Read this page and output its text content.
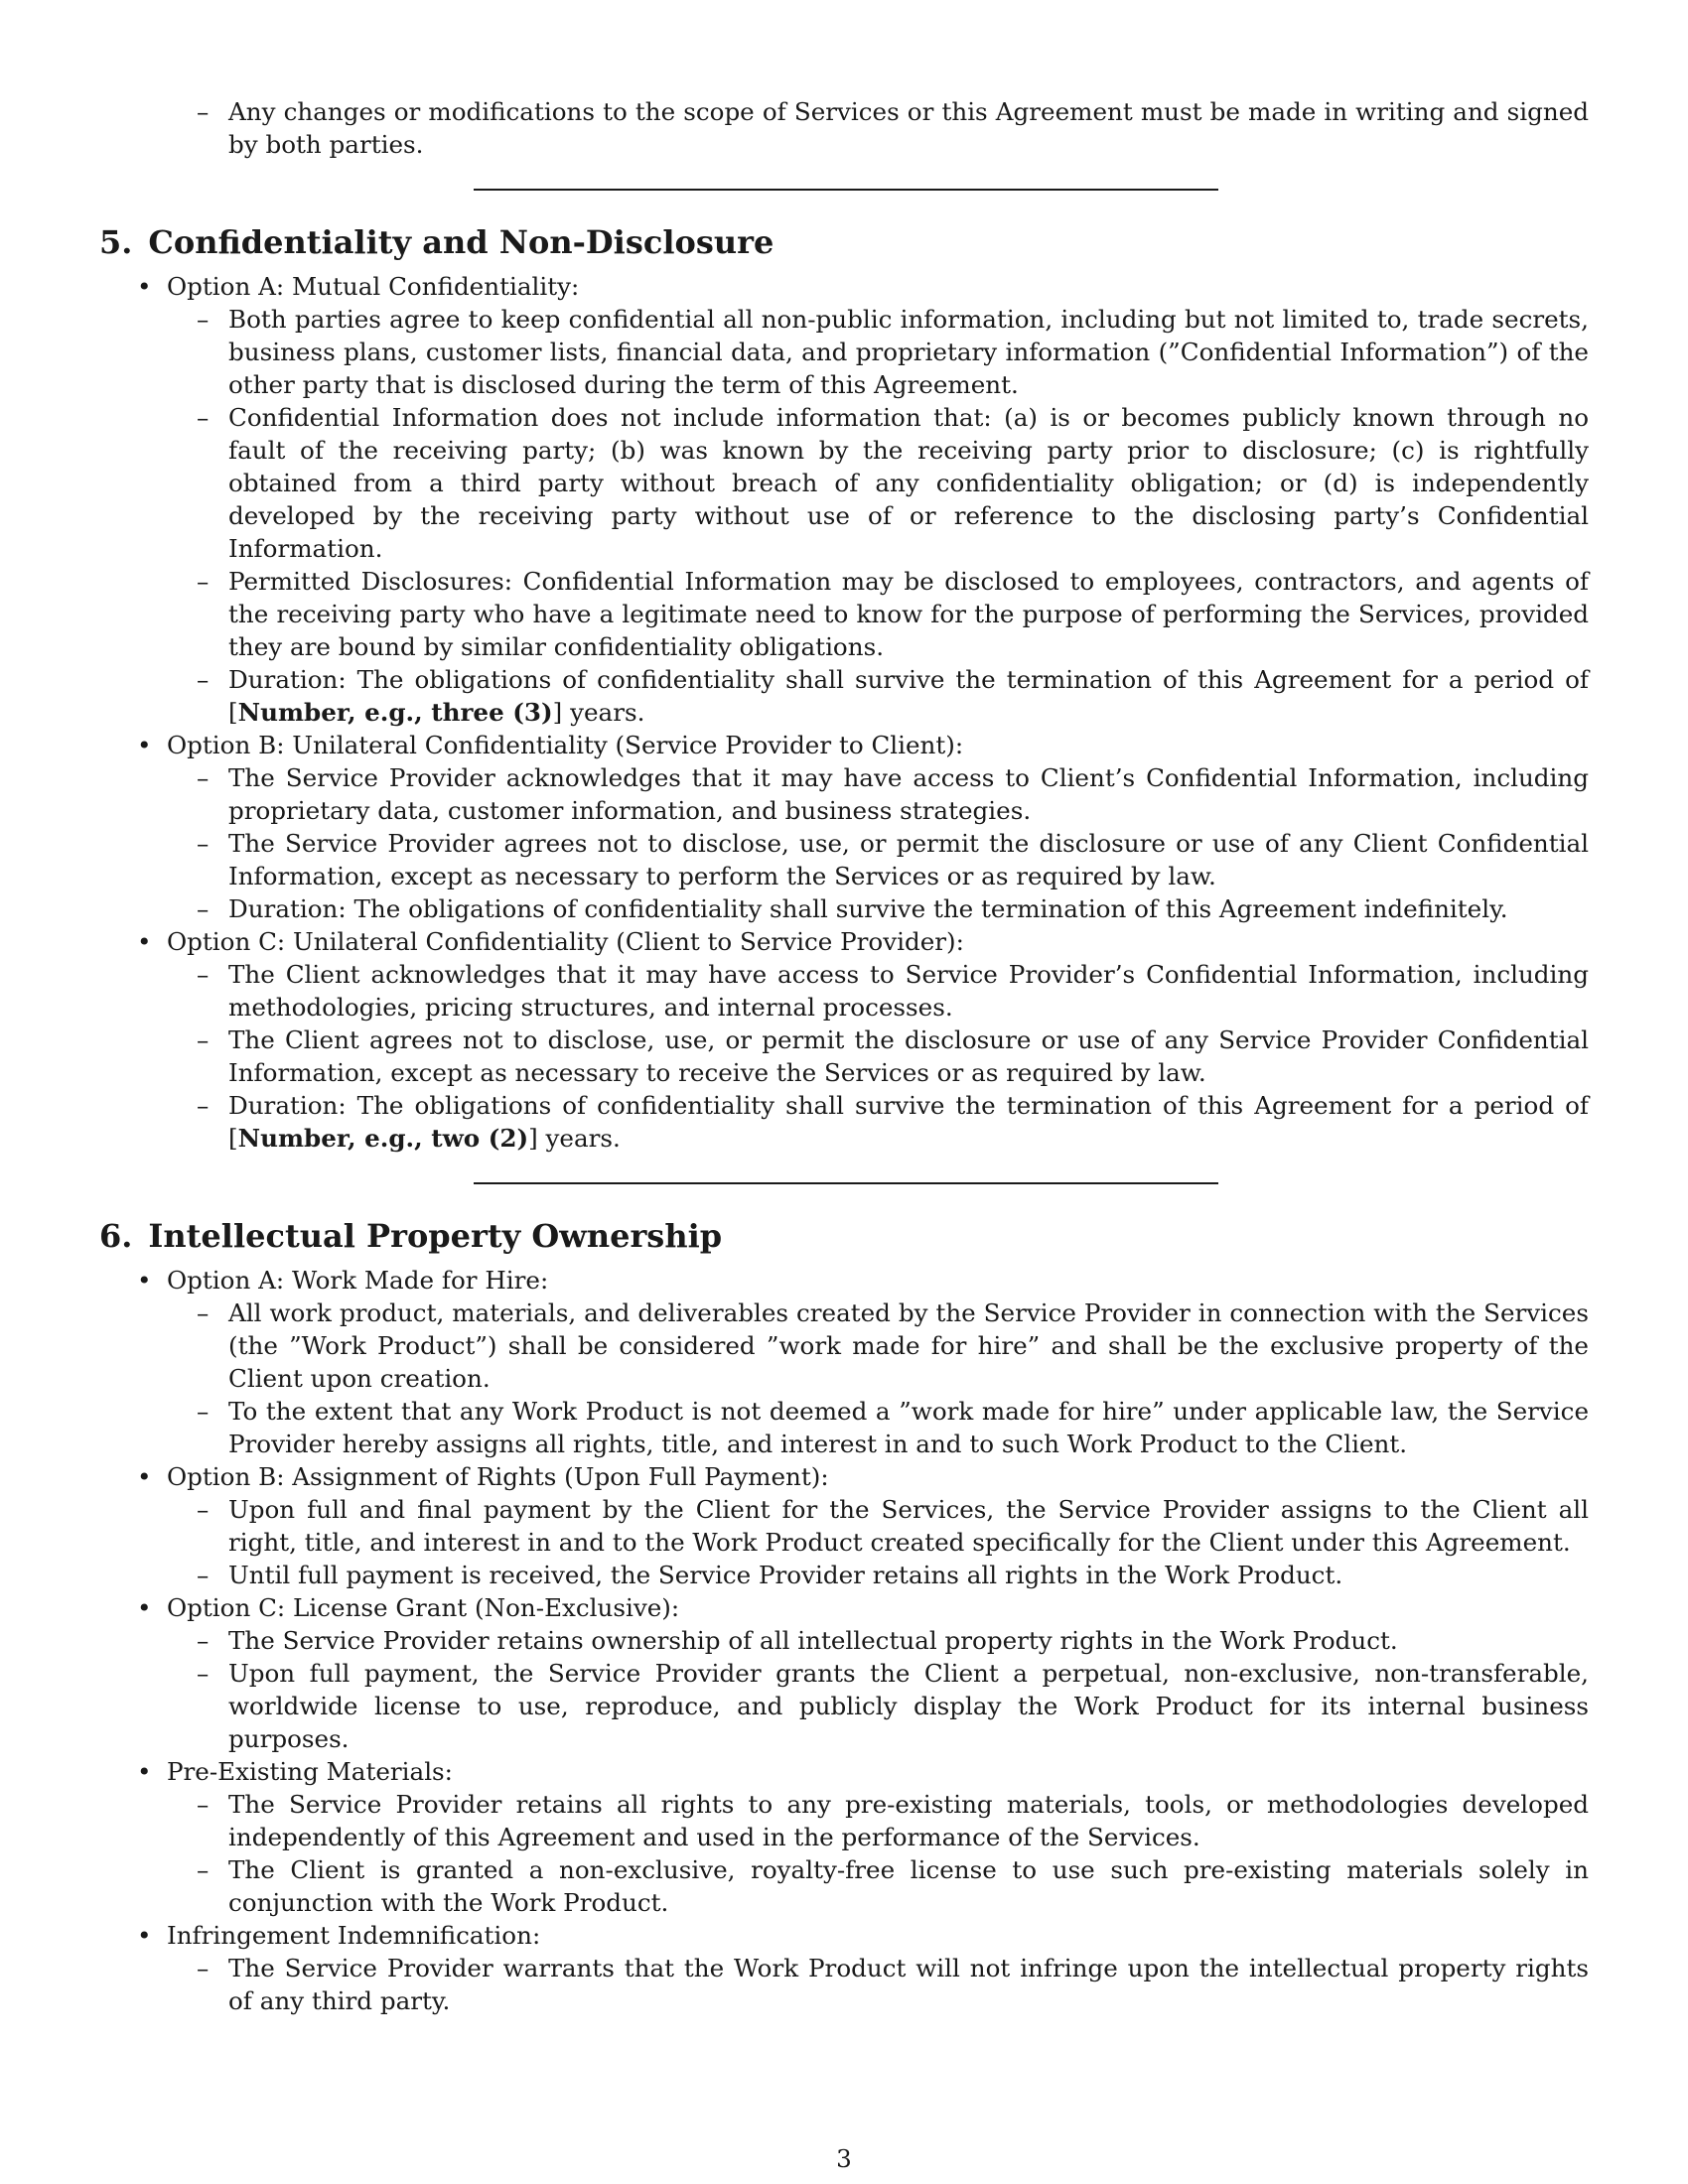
– Any changes or modifications to the scope of Services or this Agreement must be made in writing and signed by both parties.
5. Confidentiality and Non-Disclosure
• Option A: Mutual Confidentiality:
– Both parties agree to keep confidential all non-public information, including but not limited to, trade secrets, business plans, customer lists, financial data, and proprietary information (”Confidential Information”) of the other party that is disclosed during the term of this Agreement.
– Confidential Information does not include information that: (a) is or becomes publicly known through no fault of the receiving party; (b) was known by the receiving party prior to disclosure; (c) is rightfully obtained from a third party without breach of any confidentiality obligation; or (d) is independently developed by the receiving party without use of or reference to the disclosing party’s Confidential Information.
– Permitted Disclosures: Confidential Information may be disclosed to employees, contractors, and agents of the receiving party who have a legitimate need to know for the purpose of performing the Services, provided they are bound by similar confidentiality obligations.
– Duration: The obligations of confidentiality shall survive the termination of this Agreement for a period of [Number, e.g., three (3)] years.
• Option B: Unilateral Confidentiality (Service Provider to Client):
– The Service Provider acknowledges that it may have access to Client’s Confidential Information, including proprietary data, customer information, and business strategies.
– The Service Provider agrees not to disclose, use, or permit the disclosure or use of any Client Confidential Information, except as necessary to perform the Services or as required by law.
– Duration: The obligations of confidentiality shall survive the termination of this Agreement indefinitely.
• Option C: Unilateral Confidentiality (Client to Service Provider):
– The Client acknowledges that it may have access to Service Provider’s Confidential Information, including methodologies, pricing structures, and internal processes.
– The Client agrees not to disclose, use, or permit the disclosure or use of any Service Provider Confidential Information, except as necessary to receive the Services or as required by law.
– Duration: The obligations of confidentiality shall survive the termination of this Agreement for a period of [Number, e.g., two (2)] years.
6. Intellectual Property Ownership
• Option A: Work Made for Hire:
– All work product, materials, and deliverables created by the Service Provider in connection with the Services (the ”Work Product”) shall be considered ”work made for hire” and shall be the exclusive property of the Client upon creation.
– To the extent that any Work Product is not deemed a ”work made for hire” under applicable law, the Service Provider hereby assigns all rights, title, and interest in and to such Work Product to the Client.
• Option B: Assignment of Rights (Upon Full Payment):
– Upon full and final payment by the Client for the Services, the Service Provider assigns to the Client all right, title, and interest in and to the Work Product created specifically for the Client under this Agreement.
– Until full payment is received, the Service Provider retains all rights in the Work Product.
• Option C: License Grant (Non-Exclusive):
– The Service Provider retains ownership of all intellectual property rights in the Work Product.
– Upon full payment, the Service Provider grants the Client a perpetual, non-exclusive, non-transferable, worldwide license to use, reproduce, and publicly display the Work Product for its internal business purposes.
• Pre-Existing Materials:
– The Service Provider retains all rights to any pre-existing materials, tools, or methodologies developed independently of this Agreement and used in the performance of the Services.
– The Client is granted a non-exclusive, royalty-free license to use such pre-existing materials solely in conjunction with the Work Product.
• Infringement Indemnification:
– The Service Provider warrants that the Work Product will not infringe upon the intellectual property rights of any third party.
3
